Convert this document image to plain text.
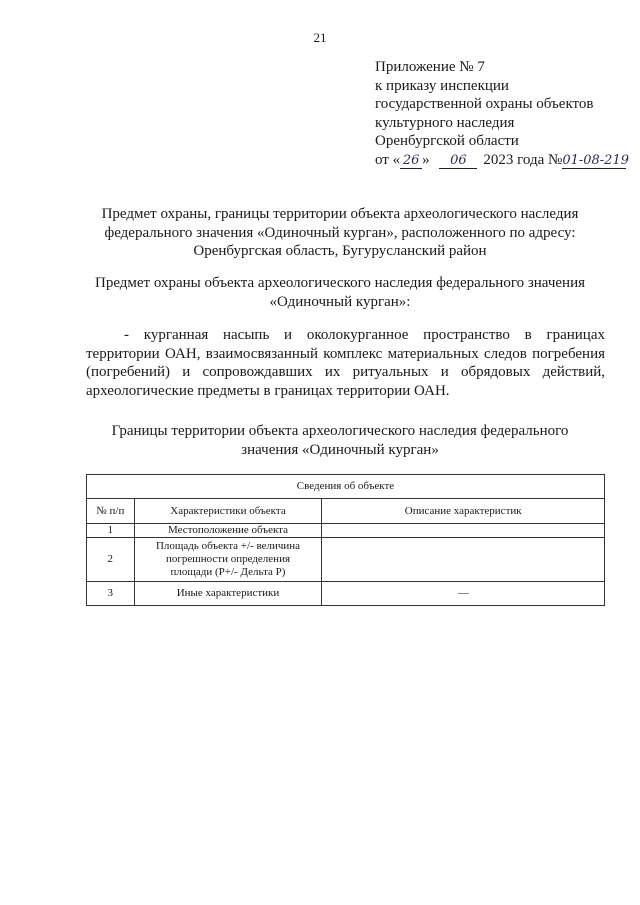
21
Приложение № 7
к приказу инспекции
государственной охраны объектов
культурного наследия
Оренбургской области
от « 26 » 06 2023 года №01-08-219
Предмет охраны, границы территории объекта археологического наследия
федерального значения «Одиночный курган», расположенного по адресу:
Оренбургская область, Бугурусланский район
Предмет охраны объекта археологического наследия федерального значения
«Одиночный курган»:

- курганная насыпь и околокурганное пространство в границах территории ОАН, взаимосвязанный комплекс материальных следов погребения (погребений) и сопровождавших их ритуальных и обрядовых действий, археологические предметы в границах территории ОАН.

Границы территории объекта археологического наследия федерального
значения «Одиночный курган»
Сведения об объекте		
№ п/п	Характеристики объекта	Описание характеристик
1	Местоположение объекта	
2	Площадь объекта +/- величина
погрешности определения
площади (Р+/- Дельта Р)	

3	Иные характеристики	—
